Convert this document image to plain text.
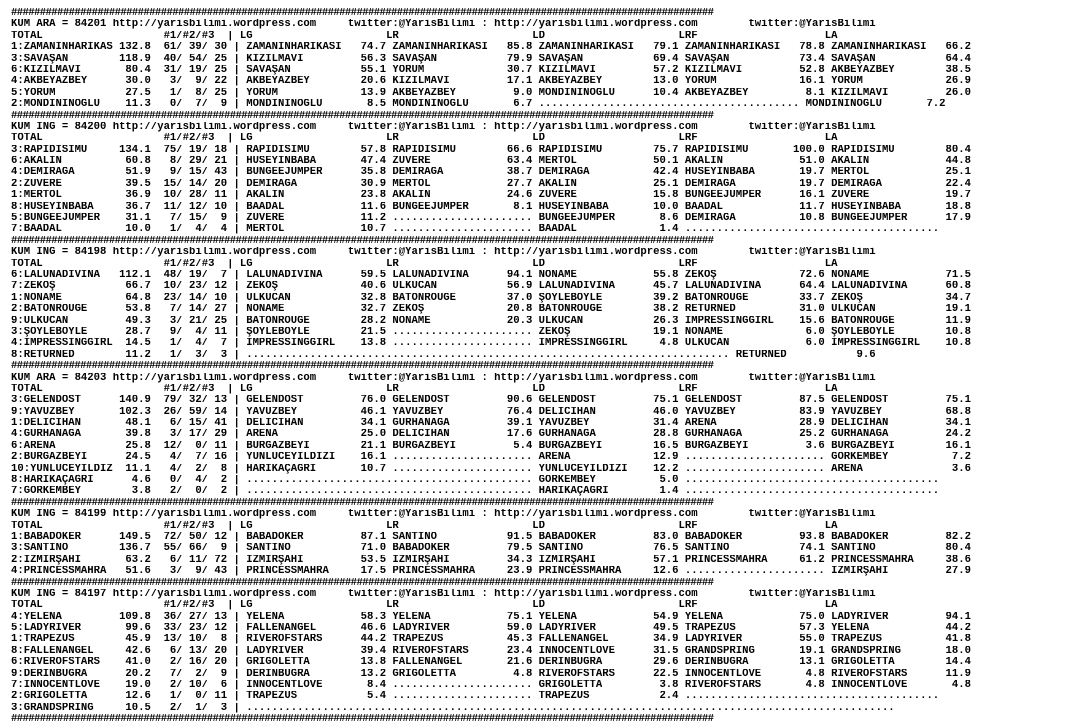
##########################################################################################################################
KUM ARA = 84201 http://yarisbilimi.wordpress.com     twitter:@YarisBilimi : http://yarisbilimi.wordpress.com        twitter:@YarisBilimi
TOTAL                   #1/#2/#3  | LG                     LR                     LD                     LRF                    LA
1:ZAMANINHARIKAS 132.8  61/ 39/ 30 | ZAMANINHARİKASI   74.7 ZAMANINHARİKASI   85.8 ZAMANINHARİKASI   79.1 ZAMANINHARİKASI   78.8 ZAMANINHARİKASI   66.2
3:SAVAŞAN        118.9  40/ 54/ 25 | KIZILMAVİ         56.3 SAVAŞAN           79.9 SAVAŞAN           69.4 SAVAŞAN           73.4 SAVAŞAN           64.4
6:KIZILMAVİ       80.4  31/ 19/ 25 | SAVAŞAN           55.1 YORUM             30.7 KIZILMAVİ         57.2 KIZILMAVİ         52.8 AKBEYAZBEY        38.5
4:AKBEYAZBEY      30.0   3/  9/ 22 | AKBEYAZBEY        20.6 KIZILMAVİ         17.1 AKBEYAZBEY        13.0 YORUM             16.1 YORUM             26.9
5:YORUM           27.5   1/  8/ 25 | YORUM             13.9 AKBEYAZBEY         9.0 MONDİNİNOĞLU      10.4 AKBEYAZBEY         8.1 KIZILMAVİ         26.0
2:MONDİNİNOĞLU    11.3   0/  7/  9 | MONDİNİNOĞLU       8.5 MONDİNİNOĞLU       6.7 ......................................... MONDİNİNOĞLU       7.2
##########################################################################################################################
KUM ING = 84200 http://yarisbilimi.wordpress.com     twitter:@YarisBilimi : http://yarisbilimi.wordpress.com        twitter:@YarisBilimi
TOTAL                   #1/#2/#3  | LG                     LR                     LD                     LRF                    LA
3:RAPİDİSİMU     134.1  75/ 19/ 18 | RAPİDİSİMU        57.8 RAPİDİSİMU        66.6 RAPİDİSİMU        75.7 RAPİDİSİMU       100.0 RAPİDİSİMU        80.4
6:AKALIN          60.8   8/ 29/ 21 | HÜSEYİNBABA       47.4 ZUVERE            63.4 MERTOL            50.1 AKALIN            51.0 AKALIN            44.8
4:DEMİRAĞA        51.9   9/ 15/ 43 | BUNGEEJUMPER      35.8 DEMİRAĞA          38.7 DEMİRAĞA          42.4 HÜSEYİNBABA       19.7 MERTOL            25.1
2:ZUVERE          39.5  15/ 14/ 20 | DEMİRAĞA          30.9 MERTOL            27.7 AKALIN            25.1 DEMİRAĞA          19.7 DEMİRAĞA          22.4
1:MERTOL          36.9  10/ 28/ 11 | AKALIN            23.8 AKALIN            24.6 ZUVERE            15.8 BUNGEEJUMPER      16.1 ZUVERE            19.7
8:HÜSEYİNBABA     36.7  11/ 12/ 10 | BAADAL            11.6 BUNGEEJUMPER       8.1 HÜSEYİNBABA       10.0 BAADAL            11.7 HÜSEYİNBABA       18.8
5:BUNGEEJUMPER    31.1   7/ 15/  9 | ZUVERE            11.2 ...................... BUNGEEJUMPER       8.6 DEMİRAĞA          10.8 BUNGEEJUMPER      17.9
7:BAADAL          10.0   1/  4/  4 | MERTOL            10.7 ...................... BAADAL             1.4 ........................................
##########################################################################################################################
KUM ING = 84198 http://yarisbilimi.wordpress.com     twitter:@YarisBilimi : http://yarisbilimi.wordpress.com        twitter:@YarisBilimi
TOTAL                   #1/#2/#3  | LG                     LR                     LD                     LRF                    LA
6:LALUNADIVINA   112.1  48/ 19/  7 | LALUNADIVINA      59.5 LALUNADIVINA      94.1 NONAME            55.8 ZEKOŞ             72.6 NONAME            71.5
7:ZEKOŞ           66.7  10/ 23/ 12 | ZEKOŞ             40.6 ÜLKÜCAN           56.9 LALUNADIVINA      45.7 LALUNADIVINA      64.4 LALUNADIVINA      60.8
1:NONAME          64.8  23/ 14/ 10 | ÜLKÜCAN           32.8 BATONROUGE        37.0 ŞOYLEBÖYLE        39.2 BATONROUGE        33.7 ZEKOŞ             34.7
2:BATONROUGE      53.8   7/ 14/ 27 | NONAME            32.7 ZEKOŞ             20.8 BATONROUGE        38.2 RETURNED          31.0 ÜLKÜCAN           19.1
9:ÜLKÜCAN         49.3   3/ 21/ 25 | BATONROUGE        28.2 NONAME            20.3 ÜLKÜCAN           26.3 İMPRESSINGGIRL    15.6 BATONROUGE        11.9
3:ŞÖYLEBÖYLE      28.7   9/  4/ 11 | ŞÖYLEBÖYLE        21.5 ...................... ZEKOŞ             19.1 NONAME             6.0 ŞÖYLEBÖYLE        10.8
4:İMPRESSINGGIRL  14.5   1/  4/  7 | İMPRESSINGGIRL    13.8 ...................... İMPRESSINGGIRL     4.8 ÜLKÜCAN            6.0 İMPRESSINGGIRL    10.8
8:RETURNED        11.2   1/  3/  3 | ............................................................................ RETURNED           9.6
##########################################################################################################################
KUM ARA = 84203 http://yarisbilimi.wordpress.com     twitter:@YarisBilimi : http://yarisbilimi.wordpress.com        twitter:@YarisBilimi
TOTAL                   #1/#2/#3  | LG                     LR                     LD                     LRF                    LA
3:GELENDOST      140.9  79/ 32/ 13 | GELENDOST         76.0 GELENDOST         90.6 GELENDOST         75.1 GELENDOST         87.5 GELENDOST         75.1
9:YAVUZBEY       102.3  26/ 59/ 14 | YAVUZBEY          46.1 YAVUZBEY          76.4 DELİCİHAN         46.0 YAVUZBEY          83.9 YAVUZBEY          68.8
1:DELİCİHAN       48.1   6/ 15/ 41 | DELİCİHAN         34.1 GÜRHANAĞA         39.1 YAVUZBEY          31.4 ARENA             28.9 DELİCİHAN         34.1
4:GÜRHANAĞA       39.8   3/ 17/ 29 | ARENA             25.0 DELİCİHAN         17.6 GÜRHANAĞA         28.8 GÜRHANAĞA         25.2 GÜRHANAĞA         24.2
6:ARENA           25.8  12/  0/ 11 | BURGAZBEYİ        21.1 BURGAZBEYİ         5.4 BURGAZBEYİ        16.5 BURGAZBEYİ         3.6 BURGAZBEYİ        16.1
2:BURGAZBEYİ      24.5   4/  7/ 16 | YÜNLÜCEYILDIZI    16.1 ...................... ARENA             12.9 ...................... GÖRKEMBEY          7.2
10:YÜNLÜCEYILDIZ  11.1   4/  2/  8 | HARİKAÇAĞRI       10.7 ...................... YÜNLÜCEYILDIZI    12.2 ...................... ARENA              3.6
8:HARİKAÇAĞRI      4.6   0/  4/  2 | ............................................. GÖRKEMBEY          5.0 ........................................
7:GÖRKEMBEY        3.8   2/  0/  2 | ............................................. HARİKAÇAĞRI        1.4 ........................................
##########################################################################################################################
KUM ING = 84199 http://yarisbilimi.wordpress.com     twitter:@YarisBilimi : http://yarisbilimi.wordpress.com        twitter:@YarisBilimi
TOTAL                   #1/#2/#3  | LG                     LR                     LD                     LRF                    LA
1:BABADÖKER      149.5  72/ 50/ 12 | BABADÖKER         87.1 SANTİNO           91.5 BABADÖKER         83.0 BABADÖKER         93.8 BABADÖKER         82.2
3:SANTİNO        136.7  55/ 66/  9 | SANTİNO           71.0 BABADÖKER         79.5 SANTİNO           76.5 SANTİNO           74.1 SANTİNO           80.4
2:İZMİRŞAHİ       63.2   6/ 11/ 72 | İZMİRŞAHİ         53.5 İZMİRŞAHİ         34.3 İZMİRŞAHİ         57.1 PRİNCESSMAHRA     61.2 PRİNCESSMAHRA     38.6
4:PRİNCESSMAHRA   51.6   3/  9/ 43 | PRİNCESSMAHRA     17.5 PRİNCESSMAHRA     23.9 PRİNCESSMAHRA     12.6 ...................... İZMİRŞAHİ         27.9
##########################################################################################################################
KUM ING = 84197 http://yarisbilimi.wordpress.com     twitter:@YarisBilimi : http://yarisbilimi.wordpress.com        twitter:@YarisBilimi
TOTAL                   #1/#2/#3  | LG                     LR                     LD                     LRF                    LA
4:YELENA         109.8  36/ 27/ 13 | YELENA            58.3 YELENA            75.1 YELENA            54.9 YELENA            75.0 LADYRIVER         94.1
5:LADYRIVER       99.6  33/ 23/ 12 | FALLENANGEL       46.6 LADYRIVER         59.0 LADYRIVER         49.5 TRAPEZUS          57.3 YELENA            44.2
1:TRAPEZUS        45.9  13/ 10/  8 | RIVEROFSTARS      44.2 TRAPEZUS          45.3 FALLENANGEL       34.9 LADYRIVER         55.0 TRAPEZUS          41.8
8:FALLENANGEL     42.6   6/ 13/ 20 | LADYRIVER         39.4 RIVEROFSTARS      23.4 INNOCENTLOVE      31.5 GRANDSPRING       19.1 GRANDSPRING       18.0
6:RIVEROFSTARS    41.0   2/ 16/ 20 | GRIGOLETTA        13.8 FALLENANGEL       21.6 DERİNBUĞRA        29.6 DERİNBUĞRA        13.1 GRIGOLETTA        14.4
9:DERİNBUĞRA      20.2   7/  2/  9 | DERİNBUĞRA        13.2 GRIGOLETTA         4.8 RIVEROFSTARS      22.5 INNOCENTLOVE       4.8 RIVEROFSTARS      11.9
7:INNOCENTLOVE    19.0   2/ 10/  6 | INNOCENTLOVE       8.4 ...................... GRIGOLETTA         3.8 RIVEROFSTARS       4.8 INNOCENTLOVE       4.8
2:GRIGOLETTA      12.6   1/  0/ 11 | TRAPEZUS           5.4 ...................... TRAPEZUS           2.4 ........................................
3:GRANDSPRING     10.5   2/  1/  3 | ......................................................................................................
##########################################################################################################################
